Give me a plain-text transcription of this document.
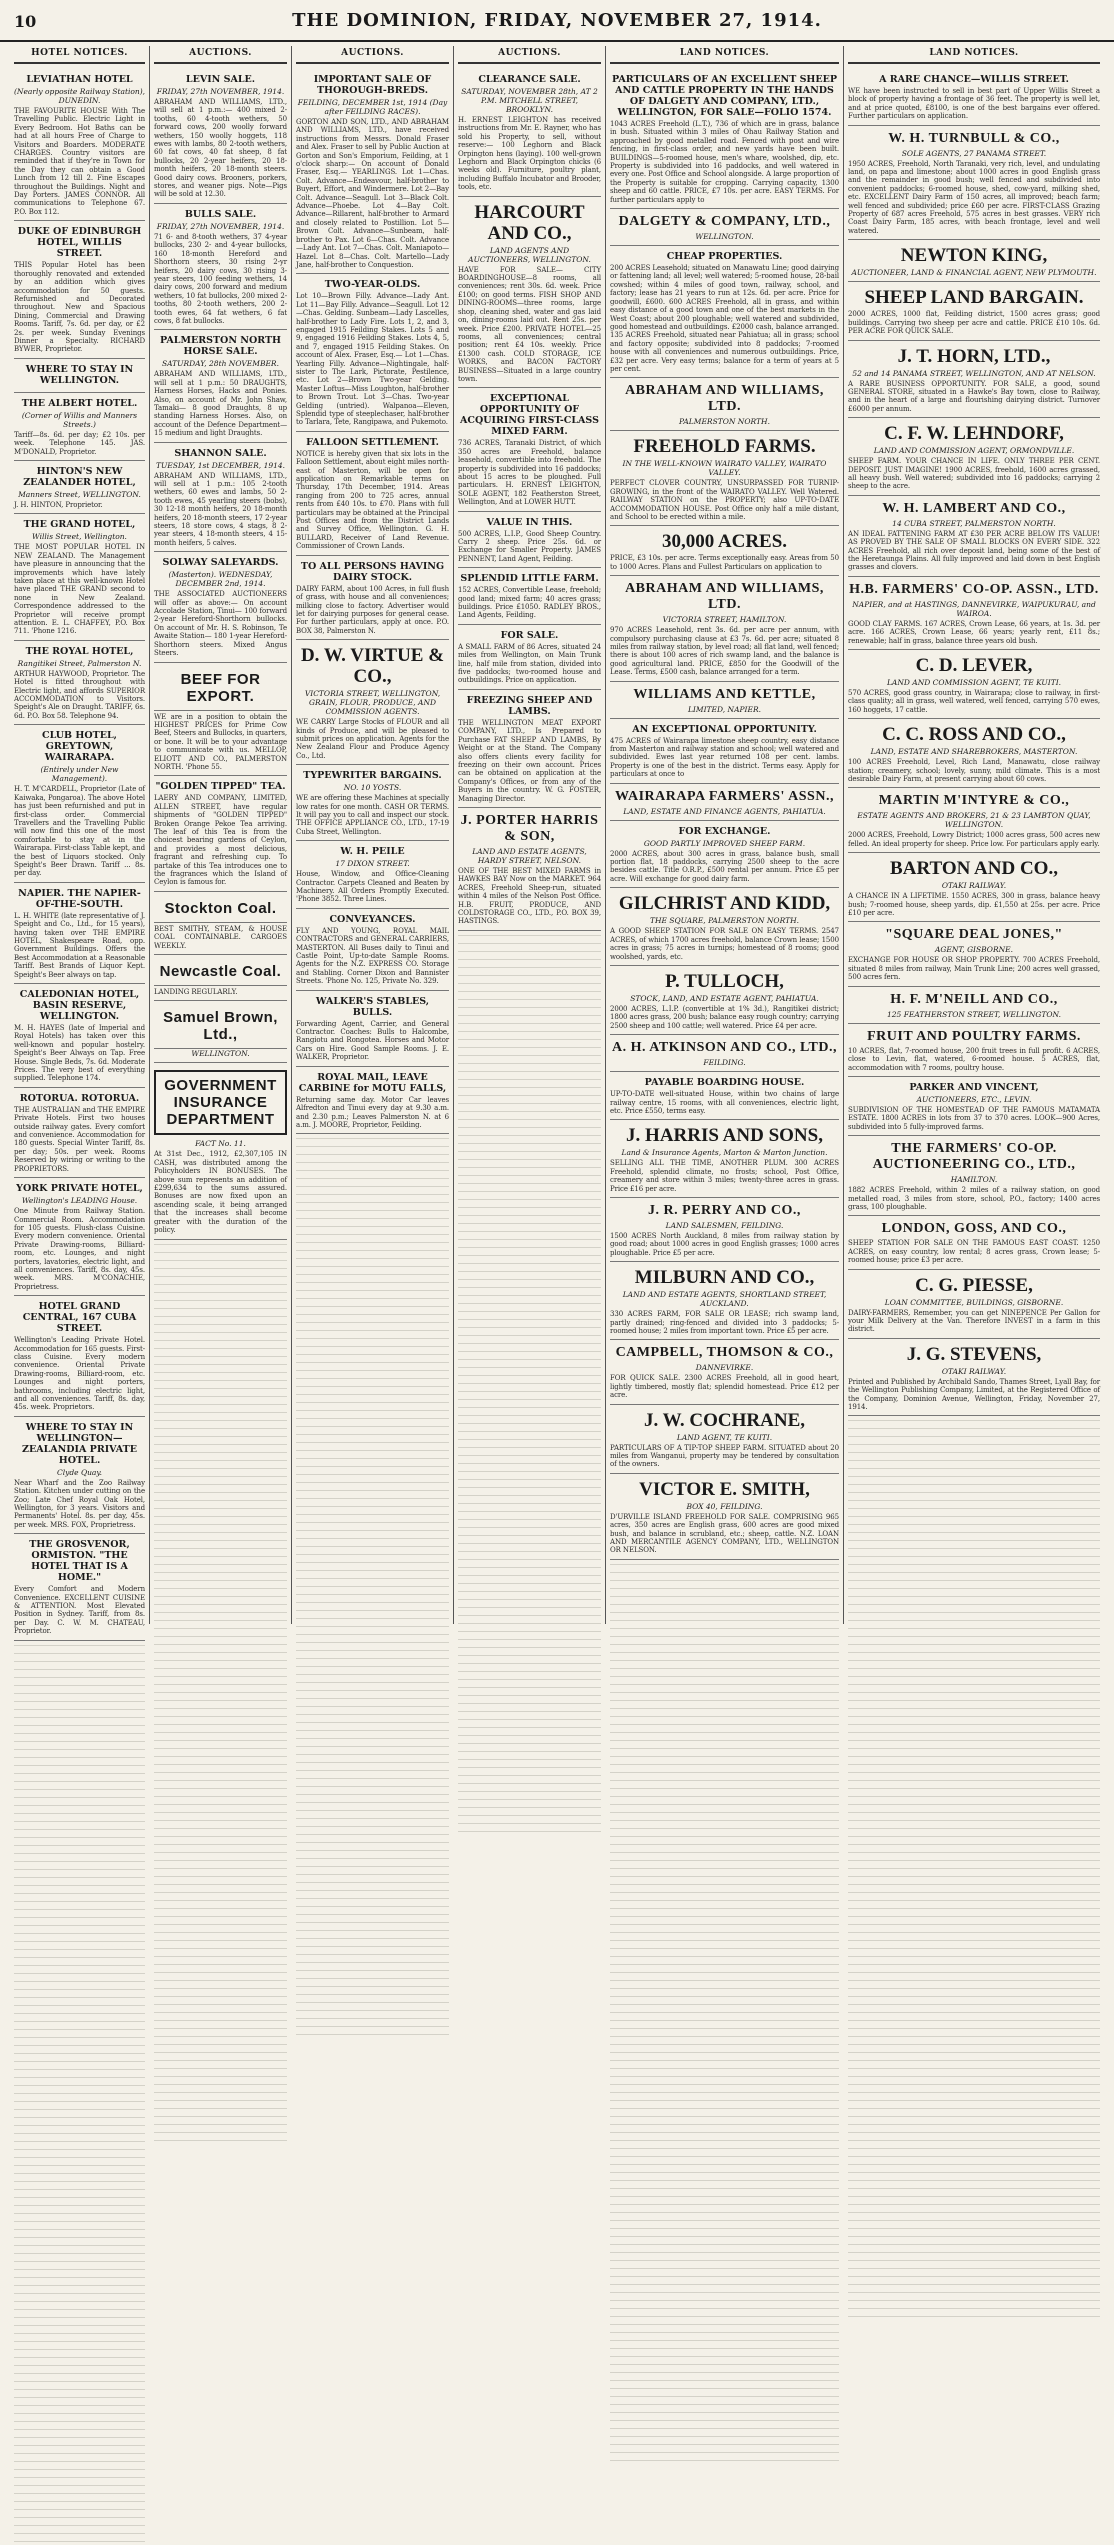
10	THE DOMINION, FRIDAY, NOVEMBER 27, 1914.
HOTEL NOTICES.
LEVIATHAN HOTEL
(Nearly opposite Railway Station), DUNEDIN.
THE FAVOURITE HOUSE With The Travelling Public. Electric Light in Every Bedroom. Hot Baths can be had at all hours Free of Charge to Visitors and Boarders. MODERATE CHARGES. Country visitors are reminded that if they're in Town for the Day they can obtain a Good Lunch from 12 till 2. Fine Escapes throughout the Buildings. Night and Day Porters. JAMES CONNOR. All communications to Telephone 67. P.O. Box 112.
DUKE OF EDINBURGH HOTEL, WILLIS STREET.
THIS Popular Hotel has been thoroughly renovated and extended by an addition which gives accommodation for 50 guests. Refurnished and Decorated throughout. New and Spacious Dining, Commercial and Drawing Rooms. Tariff, 7s. 6d. per day, or £2 2s. per week. Sunday Evenings Dinner a Specialty. RICHARD BYWER, Proprietor.
WHERE TO STAY IN WELLINGTON.
THE ALBERT HOTEL.
(Corner of Willis and Manners Streets.)
Tariff—8s. 6d. per day; £2 10s. per week. Telephone 145. JAS. M'DONALD, Proprietor.
HINTON'S NEW ZEALANDER HOTEL,
Manners Street, WELLINGTON.
J. H. HINTON, Proprietor.
THE GRAND HOTEL,
Willis Street, Wellington.
THE MOST POPULAR HOTEL IN NEW ZEALAND. The Management have pleasure in announcing that the improvements which have lately taken place at this well-known Hotel have placed THE GRAND second to none in New Zealand. Correspondence addressed to the Proprietor will receive prompt attention. E. L. CHAFFEY, P.O. Box 711. 'Phone 1216.
THE ROYAL HOTEL,
Rangitikei Street, Palmerston N.
ARTHUR HAYWOOD, Proprietor. The Hotel is fitted throughout with Electric light, and affords SUPERIOR ACCOMMODATION to Visitors. Speight's Ale on Draught. TARIFF, 6s. 6d. P.O. Box 58. Telephone 94.
CLUB HOTEL, GREYTOWN, WAIRARAPA.
(Entirely under New Management).
H. T. M'CARDELL, Proprietor (Late of Kaiwaka, Pongaroa). The above Hotel has just been refurnished and put in first-class order. Commercial Travellers and the Travelling Public will now find this one of the most comfortable to stay at in the Wairarapa. First-class Table kept, and the best of Liquors stocked. Only Speight's Beer Drawn. Tariff ... 8s. per day.
NAPIER. THE NAPIER-OF-THE-SOUTH.
L. H. WHITE (late representative of J. Speight and Co., Ltd., for 15 years), having taken over THE EMPIRE HOTEL, Shakespeare Road, opp. Government Buildings. Offers the Best Accommodation at a Reasonable Tariff. Best Brands of Liquor Kept. Speight's Beer always on tap.
CALEDONIAN HOTEL, BASIN RESERVE, WELLINGTON.
M. H. HAYES (late of Imperial and Royal Hotels) has taken over this well-known and popular hostelry. Speight's Beer Always on Tap. Free House. Single Beds, 7s. 6d. Moderate Prices. The very best of everything supplied. Telephone 174.
ROTORUA. ROTORUA.
THE AUSTRALIAN and THE EMPIRE Private Hotels. First two houses outside railway gates. Every comfort and convenience. Accommodation for 180 guests. Special Winter Tariff, 8s. per day; 50s. per week. Rooms Reserved by wiring or writing to the PROPRIETORS.
YORK PRIVATE HOTEL,
Wellington's LEADING House.
One Minute from Railway Station. Commercial Room. Accommodation for 105 guests. Flush-class Cuisine. Every modern convenience. Oriental Private Drawing-rooms, Billiard-room, etc. Lounges, and night porters, lavatories, electric light, and all conveniences. Tariff, 8s. day, 45s. week. MRS. M'CONACHIE, Proprietress.
HOTEL GRAND CENTRAL, 167 CUBA STREET.
Wellington's Leading Private Hotel. Accommodation for 165 guests. First-class Cuisine. Every modern convenience. Oriental Private Drawing-rooms, Billiard-room, etc. Lounges and night porters, bathrooms, including electric light, and all conveniences. Tariff, 8s. day, 45s. week. Proprietors.
WHERE TO STAY IN WELLINGTON—ZEALANDIA PRIVATE HOTEL.
Clyde Quay.
Near Wharf and the Zoo Railway Station. Kitchen under cutting on the Zoo; Late Chef Royal Oak Hotel, Wellington, for 3 years. Visitors and Permanents' Hotel. 8s. per day, 45s. per week. MRS. FOX, Proprietress.
THE GROSVENOR, ORMISTON. "THE HOTEL THAT IS A HOME."
Every Comfort and Modern Convenience. EXCELLENT CUISINE & ATTENTION. Most Elevated Position in Sydney. Tariff, from 8s. per Day. C. W. M. CHATEAU, Proprietor.
AUCTIONS.
LEVIN SALE.
FRIDAY, 27th NOVEMBER, 1914.
ABRAHAM AND WILLIAMS, LTD., will sell at 1 p.m.:— 400 mixed 2-tooths, 60 4-tooth wethers, 50 forward cows, 200 woolly forward wethers, 150 woolly hoggets, 118 ewes with lambs, 80 2-tooth wethers, 60 fat cows, 40 fat sheep, 8 fat bullocks, 20 2-year heifers, 20 18-month heifers, 20 18-month steers. Good dairy cows. Brooners, porkers, stores, and weaner pigs. Note—Pigs will be sold at 12.30.
BULLS SALE.
FRIDAY, 27th NOVEMBER, 1914.
71 6- and 8-tooth wethers, 37 4-year bullocks, 230 2- and 4-year bullocks, 160 18-month Hereford and Shorthorn steers, 30 rising 2-yr heifers, 20 dairy cows, 30 rising 3-year steers, 100 feeding wethers, 14 dairy cows, 200 forward and medium wethers, 10 fat bullocks, 200 mixed 2-tooths, 80 2-tooth wethers, 200 2-tooth ewes, 64 fat wethers, 6 fat cows, 8 fat bullocks.
PALMERSTON NORTH HORSE SALE.
SATURDAY, 28th NOVEMBER.
ABRAHAM AND WILLIAMS, LTD., will sell at 1 p.m.: 50 DRAUGHTS, Harness Horses, Hacks and Ponies. Also, on account of Mr. John Shaw, Tamaki— 8 good Draughts, 8 up standing Harness Horses. Also, on account of the Defence Department— 15 medium and light Draughts.
SHANNON SALE.
TUESDAY, 1st DECEMBER, 1914.
ABRAHAM AND WILLIAMS, LTD., will sell at 1 p.m.: 105 2-tooth wethers, 60 ewes and lambs, 50 2-tooth ewes, 45 yearling steers (bobs), 30 12-18 month heifers, 20 18-month heifers, 20 18-month steers, 17 2-year steers, 18 store cows, 4 stags, 8 2-year steers, 4 18-month steers, 4 15-month heifers, 5 calves.
SOLWAY SALEYARDS.
(Masterton). WEDNESDAY, DECEMBER 2nd, 1914.
THE ASSOCIATED AUCTIONEERS will offer as above:— On account Accolade Station, Tinui— 100 forward 2-year Hereford-Shorthorn bullocks. On account of Mr. H. S. Robinson, Te Awaite Station— 180 1-year Hereford-Shorthorn steers. Mixed Angus Steers.
BEEF FOR EXPORT.
WE are in a position to obtain the HIGHEST PRICES for Prime Cow Beef, Steers and Bullocks, in quarters, or bone. It will be to your advantage to communicate with us. MELLOP, ELIOTT AND CO., PALMERSTON NORTH. 'Phone 55.
"GOLDEN TIPPED" TEA.
LAERY AND COMPANY, LIMITED, ALLEN STREET, have regular shipments of "GOLDEN TIPPED" Broken Orange Pekoe Tea arriving. The leaf of this Tea is from the choicest bearing gardens of Ceylon, and provides a most delicious, fragrant and refreshing cup. To partake of this Tea introduces one to the fragrances which the Island of Ceylon is famous for.
Stockton Coal.
BEST SMITHY, STEAM, & HOUSE COAL CONTAINABLE. CARGOES WEEKLY.
Newcastle Coal.
LANDING REGULARLY.
Samuel Brown, Ltd.,
WELLINGTON.
GOVERNMENT INSURANCE DEPARTMENT
FACT No. 11.
At 31st Dec., 1912, £2,307,105 IN CASH, was distributed among the Policyholders IN BONUSES. The above sum represents an addition of £299,634 to the sums assured. Bonuses are now fixed upon an ascending scale, it being arranged that the increases shall become greater with the duration of the policy.
AUCTIONS.
IMPORTANT SALE OF THOROUGH-BREDS.
FEILDING, DECEMBER 1st, 1914 (Day after FEILDING RACES).
GORTON AND SON, LTD., AND ABRAHAM AND WILLIAMS, LTD., have received instructions from Messrs. Donald Fraser and Alex. Fraser to sell by Public Auction at Gorton and Son's Emporium, Feilding, at 1 o'clock sharp:— On account of Donald Fraser, Esq.— YEARLINGS. Lot 1—Chas. Colt. Advance—Endeavour, half-brother to Buyert, Effort, and Windermere. Lot 2—Bay Colt. Advance—Seagull. Lot 3—Black Colt. Advance—Phoebe. Lot 4—Bay Colt. Advance—Rillarent, half-brother to Armard and closely related to Postillion. Lot 5—Brown Colt. Advance—Sunbeam, half-brother to Pax. Lot 6—Chas. Colt. Advance—Lady Ant. Lot 7—Chas. Colt. Maniapoto—Hazel. Lot 8—Chas. Colt. Martello—Lady Jane, half-brother to Conquestion.
TWO-YEAR-OLDS.
Lot 10—Brown Filly. Advance—Lady Ant. Lot 11—Bay Filly. Advance—Seagull. Lot 12—Chas. Gelding. Sunbeam—Lady Lascelles, half-brother to Lady Fire. Lots 1, 2, and 3, engaged 1915 Feilding Stakes. Lots 5 and 9, engaged 1916 Feilding Stakes. Lots 4, 5, and 7, engaged 1915 Feilding Stakes. On account of Alex. Fraser, Esq.— Lot 1—Chas. Yearling Filly. Advance—Nightingale, half-sister to The Lark, Pictorate, Pestilence, etc. Lot 2—Brown Two-year Gelding. Master Loftus—Miss Loughton, half-brother to Brown Trout. Lot 3—Chas. Two-year Gelding (untried). Walpanoa—Eleven, Splendid type of steeplechaser, half-brother to Tarlara, Tete, Rangipawa, and Pukemoto.
FALLOON SETTLEMENT.
NOTICE is hereby given that six lots in the Falloon Settlement, about eight miles north-east of Masterton, will be open for application on Remarkable terms on Thursday, 17th December, 1914. Areas ranging from 200 to 725 acres, annual rents from £40 10s. to £70. Plans with full particulars may be obtained at the Principal Post Offices and from the District Lands and Survey Office, Wellington. G. H. BULLARD, Receiver of Land Revenue. Commissioner of Crown Lands.
TO ALL PERSONS HAVING DAIRY STOCK.
DAIRY FARM, about 100 Acres, in full flush of grass, with house and all conveniences; milking close to factory. Advertiser would let for dairying purposes for general cease. For further particulars, apply at once. P.O. BOX 38, Palmerston N.
D. W. VIRTUE & CO.,
VICTORIA STREET, WELLINGTON, GRAIN, FLOUR, PRODUCE, AND COMMISSION AGENTS.
WE CARRY Large Stocks of FLOUR and all kinds of Produce, and will be pleased to submit prices on application. Agents for the New Zealand Flour and Produce Agency Co., Ltd.
TYPEWRITER BARGAINS.
NO. 10 YOSTS.
WE are offering these Machines at specially low rates for one month. CASH OR TERMS. It will pay you to call and inspect our stock. THE OFFICE APPLIANCE CO., LTD., 17-19 Cuba Street, Wellington.
W. H. PEILE
17 DIXON STREET.
House, Window, and Office-Cleaning Contractor. Carpets Cleaned and Beaten by Machinery. All Orders Promptly Executed. 'Phone 3852. Three Lines.
CONVEYANCES.
FLY AND YOUNG, ROYAL MAIL CONTRACTORS and GENERAL CARRIERS, MASTERTON. All Buses daily to Tinui and Castle Point, Up-to-date Sample Rooms. Agents for the N.Z. EXPRESS CO. Storage and Stabling. Corner Dixon and Bannister Streets. 'Phone No. 125, Private No. 329.
WALKER'S STABLES, BULLS.
Forwarding Agent, Carrier, and General Contractor. Coaches: Bulls to Halcombe, Rangiotu and Rongotea. Horses and Motor Cars on Hire. Good Sample Rooms. J. E. WALKER, Proprietor.
ROYAL MAIL, LEAVE CARBINE for MOTU FALLS,
Returning same day. Motor Car leaves Alfredton and Tinui every day at 9.30 a.m. and 2.30 p.m.; Leaves Palmerston N. at 6 a.m. J. MOORE, Proprietor, Feilding.
AUCTIONS.
CLEARANCE SALE.
SATURDAY, NOVEMBER 28th, AT 2 P.M. MITCHELL STREET, BROOKLYN.
H. ERNEST LEIGHTON has received instructions from Mr. E. Rayner, who has sold his Property, to sell, without reserve:— 100 Leghorn and Black Orpington hens (laying). 100 well-grown Leghorn and Black Orpington chicks (6 weeks old). Furniture, poultry plant, including Buffalo Incubator and Brooder, tools, etc.
HARCOURT AND CO.,
LAND AGENTS AND AUCTIONEERS, WELLINGTON.
HAVE FOR SALE— CITY BOARDINGHOUSE—8 rooms, all conveniences; rent 30s. 6d. week. Price £100; on good terms. FISH SHOP AND DINING-ROOMS—three rooms, large shop, cleaning shed, water and gas laid on, dining-rooms laid out. Rent 25s. per week. Price £200. PRIVATE HOTEL—25 rooms, all conveniences; central position; rent £4 10s. weekly. Price £1300 cash. COLD STORAGE, ICE WORKS, and BACON FACTORY BUSINESS—Situated in a large country town.
EXCEPTIONAL OPPORTUNITY OF ACQUIRING FIRST-CLASS MIXED FARM.
736 ACRES, Taranaki District, of which 350 acres are Freehold, balance leasehold, convertible into freehold. The property is subdivided into 16 paddocks; about 15 acres to be ploughed. Full particulars. H. ERNEST LEIGHTON, SOLE AGENT, 182 Featherston Street, Wellington, And at LOWER HUTT.
VALUE IN THIS.
500 ACRES, L.I.P., Good Sheep Country. Carry 2 sheep. Price 25s. 6d. or Exchange for Smaller Property. JAMES PENNENT, Land Agent, Feilding.
SPLENDID LITTLE FARM.
152 ACRES, Convertible Lease, freehold; good land; mixed farm; 40 acres grass; buildings. Price £1050. RADLEY BROS., Land Agents, Feilding.
FOR SALE.
A SMALL FARM of 86 Acres, situated 24 miles from Wellington, on Main Trunk line, half mile from station, divided into five paddocks; two-roomed house and outbuildings. Price on application.
FREEZING SHEEP AND LAMBS.
THE WELLINGTON MEAT EXPORT COMPANY, LTD., Is Prepared to Purchase FAT SHEEP AND LAMBS, By Weight or at the Stand. The Company also offers clients every facility for freezing on their own account. Prices can be obtained on application at the Company's Offices, or from any of the Buyers in the country. W. G. FOSTER, Managing Director.
J. PORTER HARRIS & SON,
LAND AND ESTATE AGENTS, HARDY STREET, NELSON.
ONE OF THE BEST MIXED FARMS in HAWKES BAY Now on the MARKET. 964 ACRES, Freehold Sheep-run, situated within 4 miles of the Nelson Post Office. H.B. FRUIT, PRODUCE, AND COLDSTORAGE CO., LTD., P.O. BOX 39, HASTINGS.
LAND NOTICES.
PARTICULARS OF AN EXCELLENT SHEEP AND CATTLE PROPERTY IN THE HANDS OF DALGETY AND COMPANY, LTD., WELLINGTON, FOR SALE—FOLIO 1574.
1043 ACRES Freehold (L.T.), 736 of which are in grass, balance in bush. Situated within 3 miles of Ohau Railway Station and approached by good metalled road. Fenced with post and wire fencing, in first-class order, and new yards have been built. BUILDINGS—5-roomed house, men's whare, woolshed, dip, etc. Property is subdivided into 16 paddocks, and well watered in every one. Post Office and School alongside. A large proportion of the Property is suitable for cropping. Carrying capacity, 1300 sheep and 60 cattle. PRICE, £7 10s. per acre. EASY TERMS. For further particulars apply to
DALGETY & COMPANY, LTD.,
WELLINGTON.
CHEAP PROPERTIES.
200 ACRES Leasehold; situated on Manawatu Line; good dairying or fattening land; all level; well watered; 5-roomed house, 28-bail cowshed; within 4 miles of good town, railway, school, and factory; lease has 21 years to run at 12s. 6d. per acre. Price for goodwill, £600. 600 ACRES Freehold, all in grass, and within easy distance of a good town and one of the best markets in the West Coast; about 200 ploughable; well watered and subdivided, good homestead and outbuildings. £2000 cash, balance arranged. 135 ACRES Freehold, situated near Pahiatua; all in grass; school and factory opposite; subdivided into 8 paddocks; 7-roomed house with all conveniences and numerous outbuildings. Price, £32 per acre. Very easy terms; balance for a term of years at 5 per cent.
ABRAHAM AND WILLIAMS, LTD.
PALMERSTON NORTH.
FREEHOLD FARMS.
IN THE WELL-KNOWN WAIRATO VALLEY, WAIRATO VALLEY.
PERFECT CLOVER COUNTRY, UNSURPASSED FOR TURNIP-GROWING, in the front of the WAIRATO VALLEY. Well Watered. RAILWAY STATION on the PROPERTY; also UP-TO-DATE ACCOMMODATION HOUSE. Post Office only half a mile distant, and School to be erected within a mile.
30,000 ACRES.
PRICE, £3 10s. per acre. Terms exceptionally easy. Areas from 50 to 1000 Acres. Plans and Fullest Particulars on application to
ABRAHAM AND WILLIAMS, LTD.
VICTORIA STREET, HAMILTON.
970 ACRES Leasehold, rent 3s. 6d. per acre per annum, with compulsory purchasing clause at £3 7s. 6d. per acre; situated 8 miles from railway station, by level road; all flat land, well fenced; there is about 100 acres of rich swamp land, and the balance is good agricultural land. PRICE, £850 for the Goodwill of the Lease. Terms, £500 cash, balance arranged for a term.
WILLIAMS AND KETTLE,
LIMITED, NAPIER.
AN EXCEPTIONAL OPPORTUNITY.
475 ACRES of Wairarapa limestone sheep country, easy distance from Masterton and railway station and school; well watered and subdivided. Ewes last year returned 108 per cent. lambs. Property is one of the best in the district. Terms easy. Apply for particulars at once to
WAIRARAPA FARMERS' ASSN.,
LAND, ESTATE AND FINANCE AGENTS, PAHIATUA.
FOR EXCHANGE.
GOOD PARTLY IMPROVED SHEEP FARM.
2000 ACRES, about 300 acres in grass, balance bush, small portion flat, 18 paddocks, carrying 2500 sheep to the acre besides cattle. Title O.R.P., £500 rental per annum. Price £5 per acre. Will exchange for good dairy farm.
GILCHRIST AND KIDD,
THE SQUARE, PALMERSTON NORTH.
A GOOD SHEEP STATION FOR SALE ON EASY TERMS. 2547 ACRES, of which 1700 acres freehold, balance Crown lease; 1500 acres in grass; 75 acres in turnips; homestead of 8 rooms; good woolshed, yards, etc.
P. TULLOCH,
STOCK, LAND, AND ESTATE AGENT, PAHIATUA.
2000 ACRES, L.I.P. (convertible at 1% 3d.), Rangitikei district; 1800 acres grass, 200 bush; balance easy rough country; carrying 2500 sheep and 100 cattle; well watered. Price £4 per acre.
A. H. ATKINSON AND CO., LTD.,
FEILDING.
PAYABLE BOARDING HOUSE.
UP-TO-DATE well-situated House, within two chains of large railway centre, 15 rooms, with all conveniences, electric light, etc. Price £550, terms easy.
J. HARRIS AND SONS,
Land & Insurance Agents, Marton & Marton Junction.
SELLING ALL THE TIME, ANOTHER PLUM. 300 ACRES Freehold, splendid climate, no frosts; school, Post Office, creamery and store within 3 miles; twenty-three acres in grass. Price £16 per acre.
J. R. PERRY AND CO.,
LAND SALESMEN, FEILDING.
1500 ACRES North Auckland, 8 miles from railway station by good road; about 1000 acres in good English grasses; 1000 acres ploughable. Price £5 per acre.
MILBURN AND CO.,
LAND AND ESTATE AGENTS, SHORTLAND STREET, AUCKLAND.
330 ACRES FARM, FOR SALE OR LEASE; rich swamp land, partly drained; ring-fenced and divided into 3 paddocks; 5-roomed house; 2 miles from important town. Price £5 per acre.
CAMPBELL, THOMSON & CO.,
DANNEVIRKE.
FOR QUICK SALE. 2300 ACRES Freehold, all in good heart, lightly timbered, mostly flat; splendid homestead. Price £12 per acre.
J. W. COCHRANE,
LAND AGENT, TE KUITI.
PARTICULARS OF A TIP-TOP SHEEP FARM. SITUATED about 20 miles from Wanganui, property may be tendered by consultation of the owners.
VICTOR E. SMITH,
BOX 40, FEILDING.
D'URVILLE ISLAND FREEHOLD FOR SALE. COMPRISING 965 acres, 350 acres are English grass, 600 acres are good mixed bush, and balance in scrubland, etc.; sheep, cattle. N.Z. LOAN AND MERCANTILE AGENCY COMPANY, LTD., WELLINGTON OR NELSON.
LAND NOTICES.
A RARE CHANCE—WILLIS STREET.
WE have been instructed to sell in best part of Upper Willis Street a block of property having a frontage of 36 feet. The property is well let, and at price quoted, £8100, is one of the best bargains ever offered. Further particulars on application.
W. H. TURNBULL & CO.,
SOLE AGENTS, 27 PANAMA STREET.
1950 ACRES, Freehold, North Taranaki, very rich, level, and undulating land, on papa and limestone; about 1000 acres in good English grass and the remainder in good bush; well fenced and subdivided into convenient paddocks; 6-roomed house, shed, cow-yard, milking shed, etc. EXCELLENT Dairy Farm of 150 acres, all improved; beach farm; well fenced and subdivided; price £60 per acre. FIRST-CLASS Grazing Property of 687 acres Freehold, 575 acres in best grasses. VERY rich Coast Dairy Farm, 185 acres, with beach frontage, level and well watered.
NEWTON KING,
AUCTIONEER, LAND & FINANCIAL AGENT, NEW PLYMOUTH.
SHEEP LAND BARGAIN.
2000 ACRES, 1000 flat, Feilding district, 1500 acres grass; good buildings. Carrying two sheep per acre and cattle. PRICE £10 10s. 6d. PER ACRE FOR QUICK SALE.
J. T. HORN, LTD.,
52 and 14 PANAMA STREET, WELLINGTON, AND AT NELSON.
A RARE BUSINESS OPPORTUNITY. FOR SALE, a good, sound GENERAL STORE, situated in a Hawke's Bay town, close to Railway, and in the heart of a large and flourishing dairying district. Turnover £6000 per annum.
C. F. W. LEHNDORF,
LAND AND COMMISSION AGENT, ORMONDVILLE.
SHEEP FARM. YOUR CHANCE IN LIFE. ONLY THREE PER CENT. DEPOSIT. JUST IMAGINE! 1900 ACRES, freehold, 1600 acres grassed, all heavy bush. Well watered; subdivided into 16 paddocks; carrying 2 sheep to the acre.
W. H. LAMBERT AND CO.,
14 CUBA STREET, PALMERSTON NORTH.
AN IDEAL FATTENING FARM AT £30 PER ACRE BELOW ITS VALUE! AS PROVED BY THE SALE OF SMALL BLOCKS ON EVERY SIDE. 322 ACRES Freehold, all rich over deposit land, being some of the best of the Heretaunga Plains. All fully improved and laid down in best English grasses and clovers.
H.B. FARMERS' CO-OP. ASSN., LTD.
NAPIER, and at HASTINGS, DANNEVIRKE, WAIPUKURAU, and WAIROA.
GOOD CLAY FARMS. 167 ACRES, Crown Lease, 66 years, at 1s. 3d. per acre. 166 ACRES, Crown Lease, 66 years; yearly rent, £11 8s.; renewable; half in grass, balance three years old bush.
C. D. LEVER,
LAND AND COMMISSION AGENT, TE KUITI.
570 ACRES, good grass country, in Wairarapa; close to railway, in first-class quality; all in grass, well watered, well fenced, carrying 570 ewes, 160 hoggets, 17 cattle.
C. C. ROSS AND CO.,
LAND, ESTATE AND SHAREBROKERS, MASTERTON.
100 ACRES Freehold, Level, Rich Land, Manawatu, close railway station; creamery, school; lovely, sunny, mild climate. This is a most desirable Dairy Farm, at present carrying about 60 cows.
MARTIN M'INTYRE & CO.,
ESTATE AGENTS AND BROKERS, 21 & 23 LAMBTON QUAY, WELLINGTON.
2000 ACRES, Freehold, Lowry District; 1000 acres grass, 500 acres new felled. An ideal property for sheep. Price low. For particulars apply early.
BARTON AND CO.,
OTAKI RAILWAY.
A CHANCE IN A LIFETIME. 1550 ACRES, 300 in grass, balance heavy bush; 7-roomed house, sheep yards, dip. £1,550 at 25s. per acre. Price £10 per acre.
"SQUARE DEAL JONES,"
AGENT, GISBORNE.
EXCHANGE FOR HOUSE OR SHOP PROPERTY. 700 ACRES Freehold, situated 8 miles from railway, Main Trunk Line; 200 acres well grassed, 500 acres fern.
H. F. M'NEILL AND CO.,
125 FEATHERSTON STREET, WELLINGTON.
FRUIT AND POULTRY FARMS.
10 ACRES, flat, 7-roomed house, 200 fruit trees in full profit. 6 ACRES, close to Levin, flat, watered, 6-roomed house. 5 ACRES, flat, accommodation with 7 rooms, poultry house.
PARKER AND VINCENT,
AUCTIONEERS, ETC., LEVIN.
SUBDIVISION OF THE HOMESTEAD OF THE FAMOUS MATAMATA ESTATE. 1800 ACRES in lots from 37 to 370 acres. LOOK—900 Acres, subdivided into 5 fully-improved farms.
THE FARMERS' CO-OP. AUCTIONEERING CO., LTD.,
HAMILTON.
1882 ACRES Freehold, within 2 miles of a railway station, on good metalled road, 3 miles from store, school, P.O., factory; 1400 acres grass, 100 ploughable.
LONDON, GOSS, AND CO.,
SHEEP STATION FOR SALE ON THE FAMOUS EAST COAST. 1250 ACRES, on easy country, low rental; 8 acres grass, Crown lease; 5-roomed house; price £3 per acre.
C. G. PIESSE,
LOAN COMMITTEE, BUILDINGS, GISBORNE.
DAIRY-FARMERS, Remember, you can get NINEPENCE Per Gallon for your Milk Delivery at the Van. Therefore INVEST in a farm in this district.
J. G. STEVENS,
OTAKI RAILWAY.
Printed and Published by Archibald Sando, Thames Street, Lyall Bay, for the Wellington Publishing Company, Limited, at the Registered Office of the Company, Dominion Avenue, Wellington, Friday, November 27, 1914.
